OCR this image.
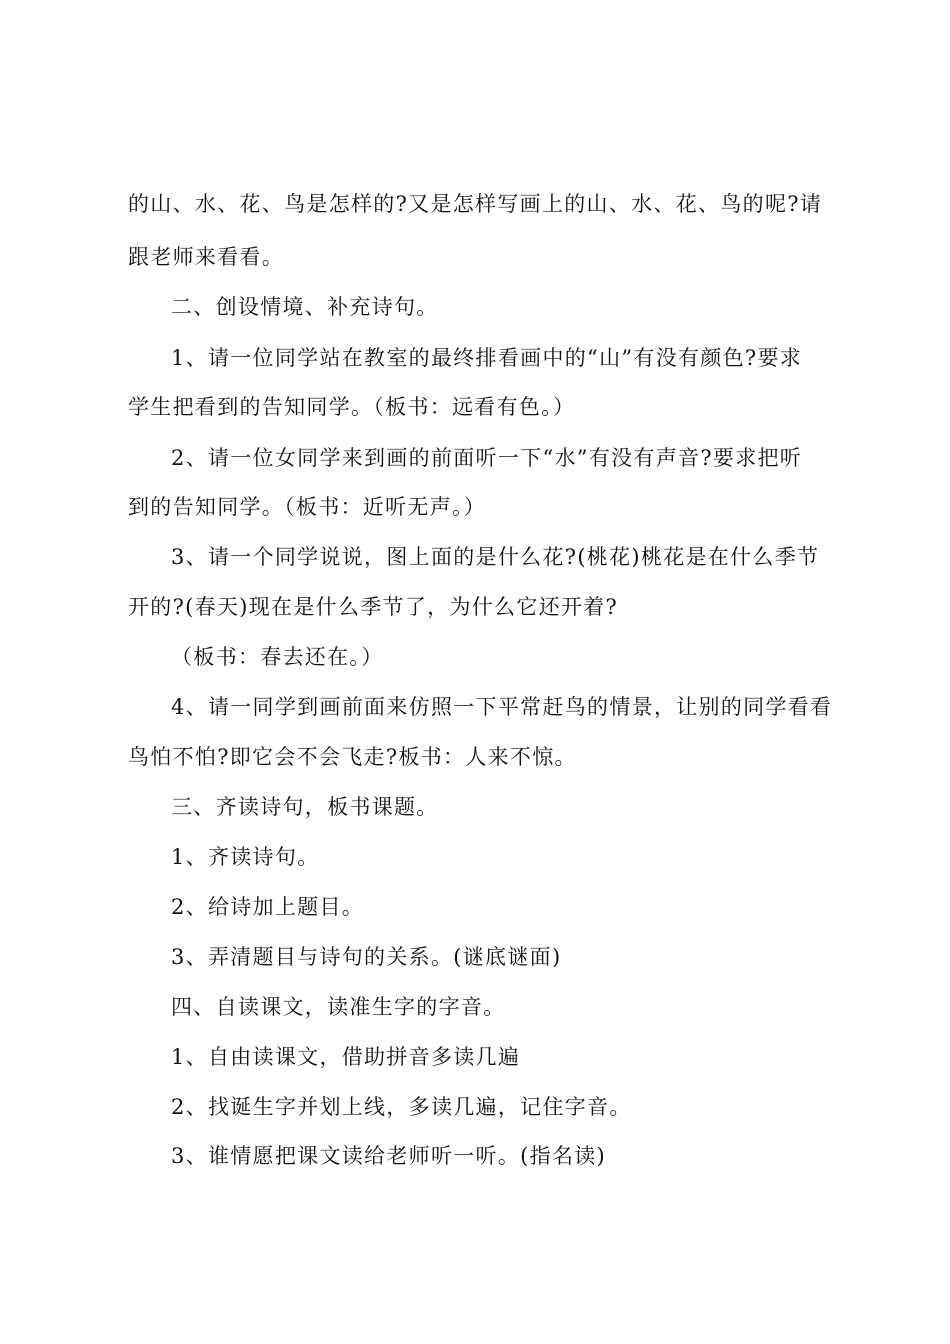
的山、水、花、鸟是怎样的?又是怎样写画上的山、水、花、鸟的呢?请
跟老师来看看。
二、创设情境、补充诗句。
1、请一位同学站在教室的最终排看画中的“山”有没有颜色?要求
学生把看到的告知同学。（板书：远看有色。）
2、请一位女同学来到画的前面听一下“水”有没有声音?要求把听
到的告知同学。（板书：近听无声。）
3、请一个同学说说，图上面的是什么花?(桃花)桃花是在什么季节
开的?(春天)现在是什么季节了，为什么它还开着?
（板书：春去还在。）
4、请一同学到画前面来仿照一下平常赶鸟的情景，让别的同学看看
鸟怕不怕?即它会不会飞走?板书：人来不惊。
三、齐读诗句，板书课题。
1、齐读诗句。
2、给诗加上题目。
3、弄清题目与诗句的关系。(谜底谜面)
四、自读课文，读准生字的字音。
1、自由读课文，借助拼音多读几遍
2、找诞生字并划上线，多读几遍，记住字音。
3、谁情愿把课文读给老师听一听。(指名读)
